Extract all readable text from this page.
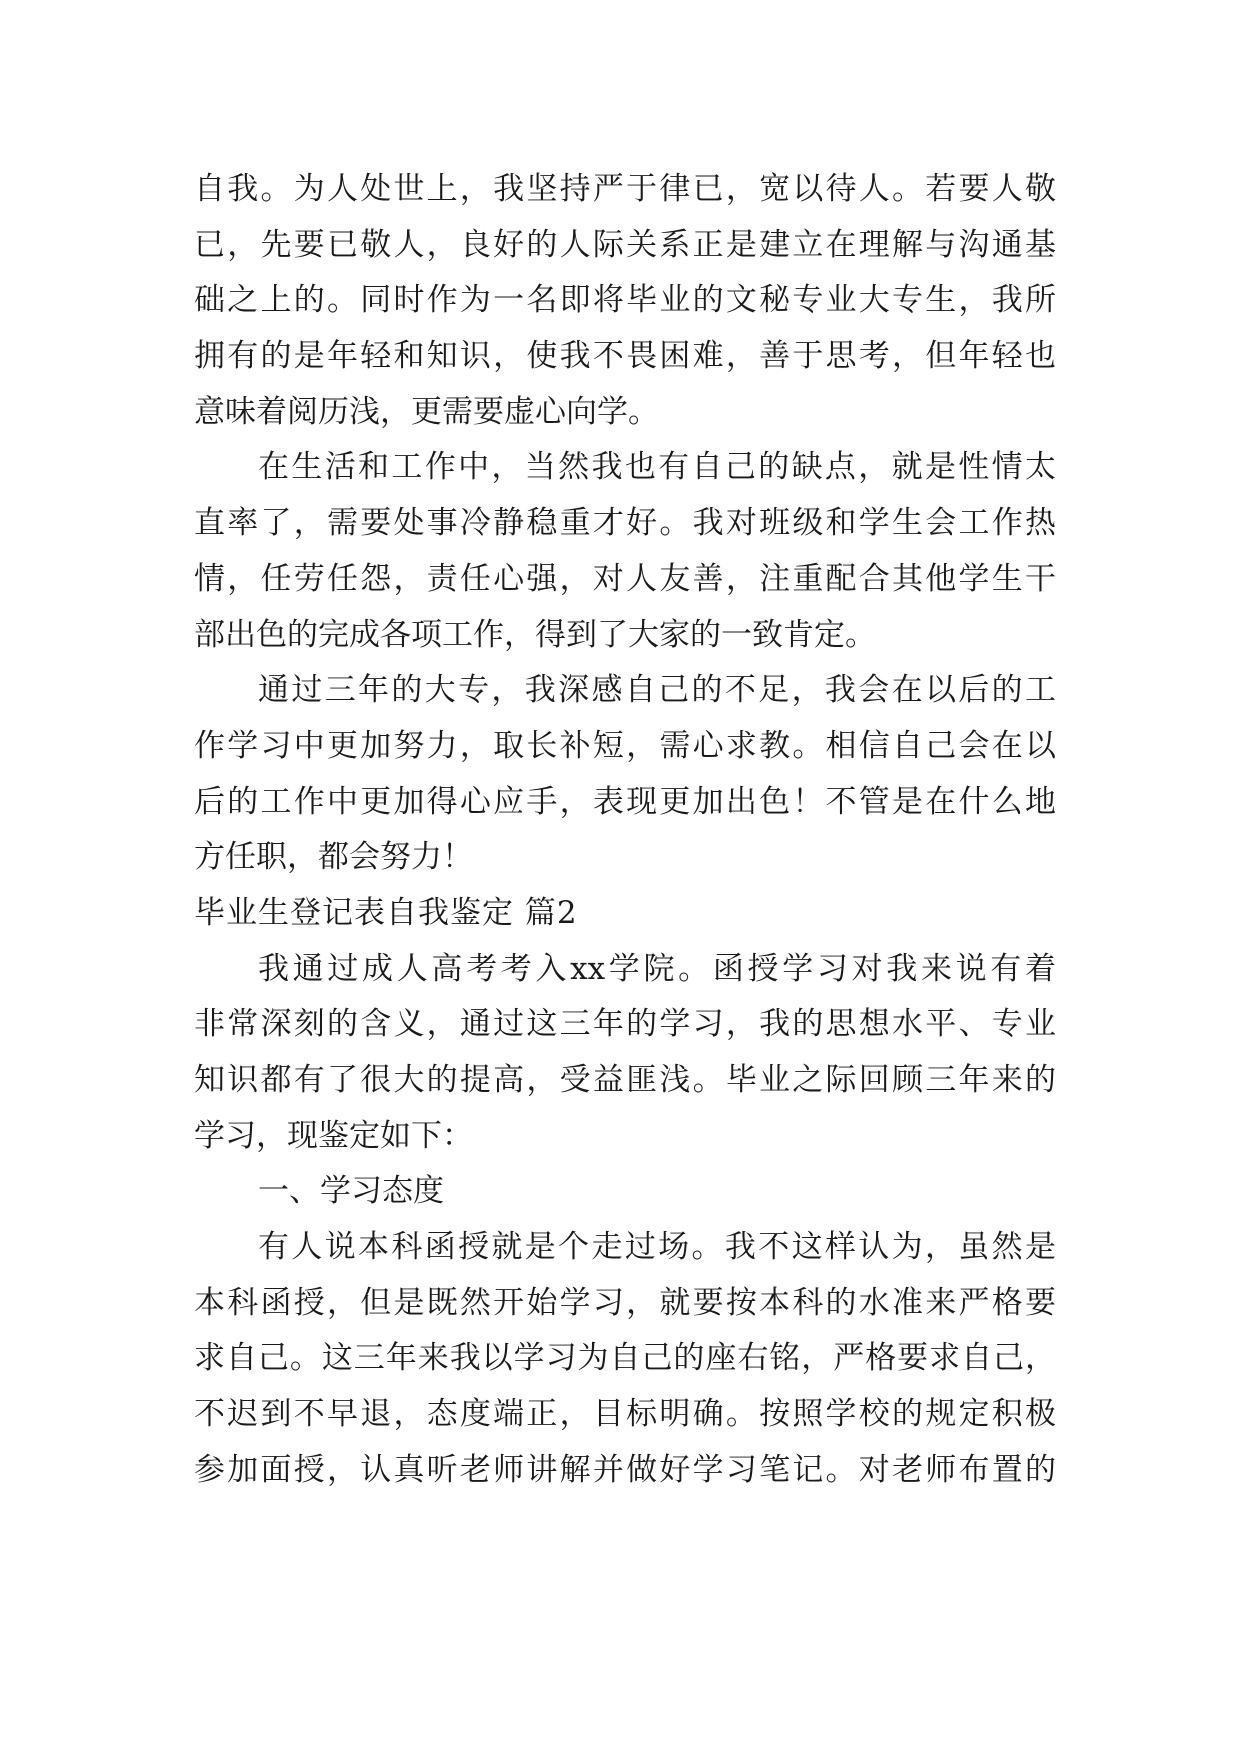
自我。为人处世上，我坚持严于律已，宽以待人。若要人敬
已，先要已敬人，良好的人际关系正是建立在理解与沟通基
础之上的。同时作为一名即将毕业的文秘专业大专生，我所
拥有的是年轻和知识，使我不畏困难，善于思考，但年轻也
意味着阅历浅，更需要虚心向学。
在生活和工作中，当然我也有自己的缺点，就是性情太
直率了，需要处事冷静稳重才好。我对班级和学生会工作热
情，任劳任怨，责任心强，对人友善，注重配合其他学生干
部出色的完成各项工作，得到了大家的一致肯定。
通过三年的大专，我深感自己的不足，我会在以后的工
作学习中更加努力，取长补短，需心求教。相信自己会在以
后的工作中更加得心应手，表现更加出色！不管是在什么地
方任职，都会努力！
毕业生登记表自我鉴定 篇2
我通过成人高考考入xx学院。函授学习对我来说有着
非常深刻的含义，通过这三年的学习，我的思想水平、专业
知识都有了很大的提高，受益匪浅。毕业之际回顾三年来的
学习，现鉴定如下：
一、学习态度
有人说本科函授就是个走过场。我不这样认为，虽然是
本科函授，但是既然开始学习，就要按本科的水准来严格要
求自己。这三年来我以学习为自己的座右铭，严格要求自己，
不迟到不早退，态度端正，目标明确。按照学校的规定积极
参加面授，认真听老师讲解并做好学习笔记。对老师布置的
